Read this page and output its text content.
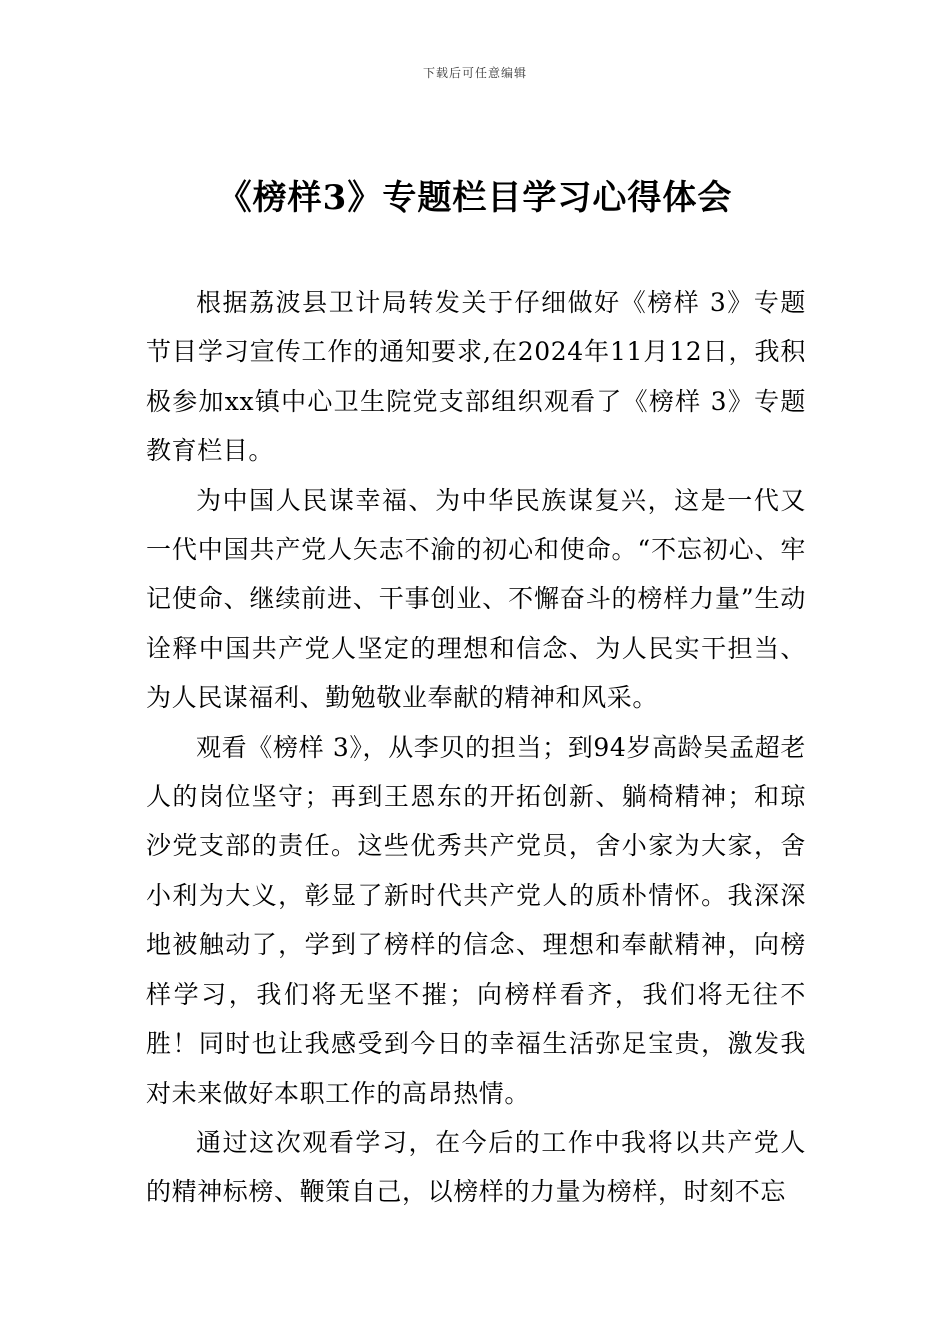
下载后可任意编辑
《榜样3》专题栏目学习心得体会

根据荔波县卫计局转发关于仔细做好《榜样 3》专题节目学习宣传工作的通知要求,在2024年11月12日，我积极参加xx镇中心卫生院党支部组织观看了《榜样 3》专题教育栏目。

为中国人民谋幸福、为中华民族谋复兴，这是一代又一代中国共产党人矢志不渝的初心和使命。“不忘初心、牢记使命、继续前进、干事创业、不懈奋斗的榜样力量”生动诠释中国共产党人坚定的理想和信念、为人民实干担当、为人民谋福利、勤勉敬业奉献的精神和风采。

观看《榜样 3》，从李贝的担当；到94岁高龄吴孟超老人的岗位坚守；再到王恩东的开拓创新、躺椅精神；和琼沙党支部的责任。这些优秀共产党员，舍小家为大家，舍小利为大义，彰显了新时代共产党人的质朴情怀。我深深地被触动了，学到了榜样的信念、理想和奉献精神，向榜样学习，我们将无坚不摧；向榜样看齐，我们将无往不胜！同时也让我感受到今日的幸福生活弥足宝贵，激发我对未来做好本职工作的高昂热情。

通过这次观看学习，在今后的工作中我将以共产党人的精神标榜、鞭策自己，以榜样的力量为榜样，时刻不忘
